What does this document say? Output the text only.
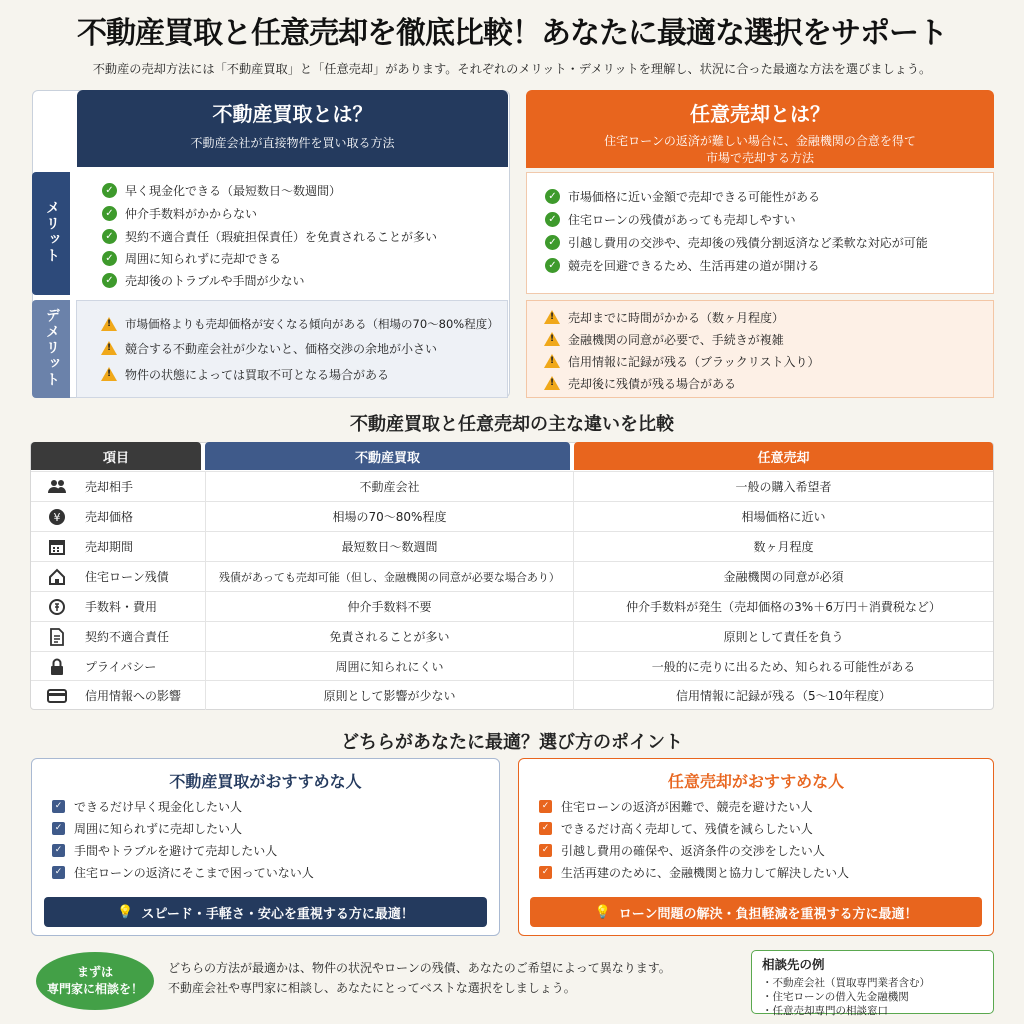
不動産買取と任意売却を徹底比較！あなたに最適な選択をサポート
不動産の売却方法には「不動産買取」と「任意売却」があります。それぞれのメリット・デメリットを理解し、状況に合った最適な方法を選びましょう。
不動産買取とは？
不動産会社が直接物件を買い取る方法
メリット
デメリット
✓ 早く現金化できる（最短数日〜数週間）
✓ 仲介手数料がかからない
✓ 契約不適合責任（瑕疵担保責任）を免責されることが多い
✓ 周囲に知られずに売却できる
✓ 売却後のトラブルや手間が少ない
! 市場価格よりも売却価格が安くなる傾向がある（相場の70〜80%程度）
! 競合する不動産会社が少ないと、価格交渉の余地が小さい
! 物件の状態によっては買取不可となる場合がある
任意売却とは？
住宅ローンの返済が難しい場合に、金融機関の合意を得て
市場で売却する方法
✓ 市場価格に近い金額で売却できる可能性がある
✓ 住宅ローンの残債があっても売却しやすい
✓ 引越し費用の交渉や、売却後の残債分割返済など柔軟な対応が可能
✓ 競売を回避できるため、生活再建の道が開ける
! 売却までに時間がかかる（数ヶ月程度）
! 金融機関の同意が必要で、手続きが複雑
! 信用情報に記録が残る（ブラックリスト入り）
! 売却後に残債が残る場合がある
不動産買取と任意売却の主な違いを比較
項目	不動産買取	任意売却
売却相手	不動産会社	一般の購入希望者
¥ 売却価格	相場の70〜80%程度	相場価格に近い
売却期間	最短数日〜数週間	数ヶ月程度
住宅ローン残債	残債があっても売却可能（但し、金融機関の同意が必要な場合あり）	金融機関の同意が必須
手数料・費用	仲介手数料不要	仲介手数料が発生（売却価格の3%＋6万円＋消費税など）
契約不適合責任	免責されることが多い	原則として責任を負う
プライバシー	周囲に知られにくい	一般的に売りに出るため、知られる可能性がある
信用情報への影響	原則として影響が少ない	信用情報に記録が残る（5〜10年程度）
どちらがあなたに最適？選び方のポイント
不動産買取がおすすめな人
✓ できるだけ早く現金化したい人
✓ 周囲に知られずに売却したい人
✓ 手間やトラブルを避けて売却したい人
✓ 住宅ローンの返済にそこまで困っていない人
💡 スピード・手軽さ・安心を重視する方に最適！
任意売却がおすすめな人
✓ 住宅ローンの返済が困難で、競売を避けたい人
✓ できるだけ高く売却して、残債を減らしたい人
✓ 引越し費用の確保や、返済条件の交渉をしたい人
✓ 生活再建のために、金融機関と協力して解決したい人
💡 ローン問題の解決・負担軽減を重視する方に最適！
まずは
専門家に相談を！
どちらの方法が最適かは、物件の状況やローンの残債、あなたのご希望によって異なります。
不動産会社や専門家に相談し、あなたにとってベストな選択をしましょう。
相談先の例
・不動産会社（買取専門業者含む）
・住宅ローンの借入先金融機関
・任意売却専門の相談窓口
